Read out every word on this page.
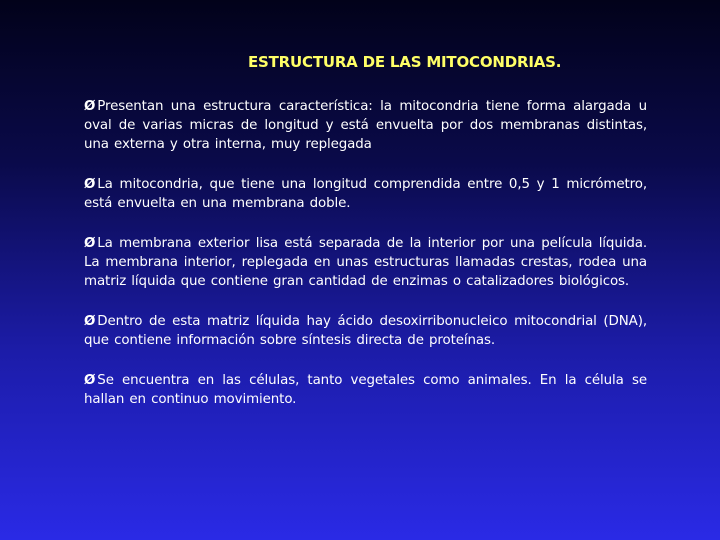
ESTRUCTURA DE LAS MITOCONDRIAS.

Ø Presentan una estructura característica: la mitocondria tiene forma alargada u oval de varias micras de longitud y está envuelta por dos membranas distintas, una externa y otra interna, muy replegada

Ø La mitocondria, que tiene una longitud comprendida entre 0,5 y 1 micrómetro, está envuelta en una membrana doble.

Ø La membrana exterior lisa está separada de la interior por una película líquida. La membrana interior, replegada en unas estructuras llamadas crestas, rodea una matriz líquida que contiene gran cantidad de enzimas o catalizadores biológicos.

Ø Dentro de esta matriz líquida hay ácido desoxirribonucleico mitocondrial (DNA), que contiene información sobre síntesis directa de proteínas.

Ø Se encuentra en las células, tanto vegetales como animales. En la célula se hallan en continuo movimiento.
